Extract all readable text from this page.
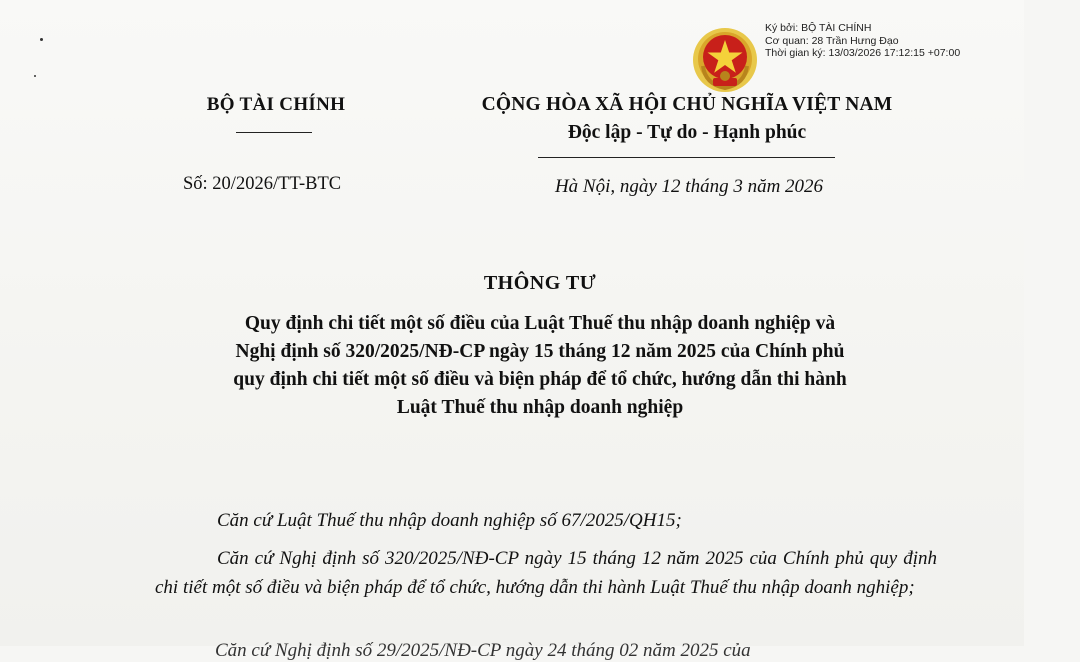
Ký bởi: BỘ TÀI CHÍNH
Cơ quan: 28 Trần Hưng Đạo
Thời gian ký: 13/03/2026 17:12:15 +07:00
BỘ TÀI CHÍNH
Số: 20/2026/TT-BTC
CỘNG HÒA XÃ HỘI CHỦ NGHĨA VIỆT NAM
Độc lập - Tự do - Hạnh phúc
Hà Nội, ngày 12 tháng 3 năm 2026
THÔNG TƯ
Quy định chi tiết một số điều của Luật Thuế thu nhập doanh nghiệp và
Nghị định số 320/2025/NĐ-CP ngày 15 tháng 12 năm 2025 của Chính phủ
quy định chi tiết một số điều và biện pháp để tổ chức, hướng dẫn thi hành
Luật Thuế thu nhập doanh nghiệp

Căn cứ Luật Thuế thu nhập doanh nghiệp số 67/2025/QH15;

Căn cứ Nghị định số 320/2025/NĐ-CP ngày 15 tháng 12 năm 2025 của Chính phủ quy định chi tiết một số điều và biện pháp để tổ chức, hướng dẫn thi hành Luật Thuế thu nhập doanh nghiệp;

Căn cứ Nghị định số 29/2025/NĐ-CP ngày 24 tháng 02 năm 2025 của
